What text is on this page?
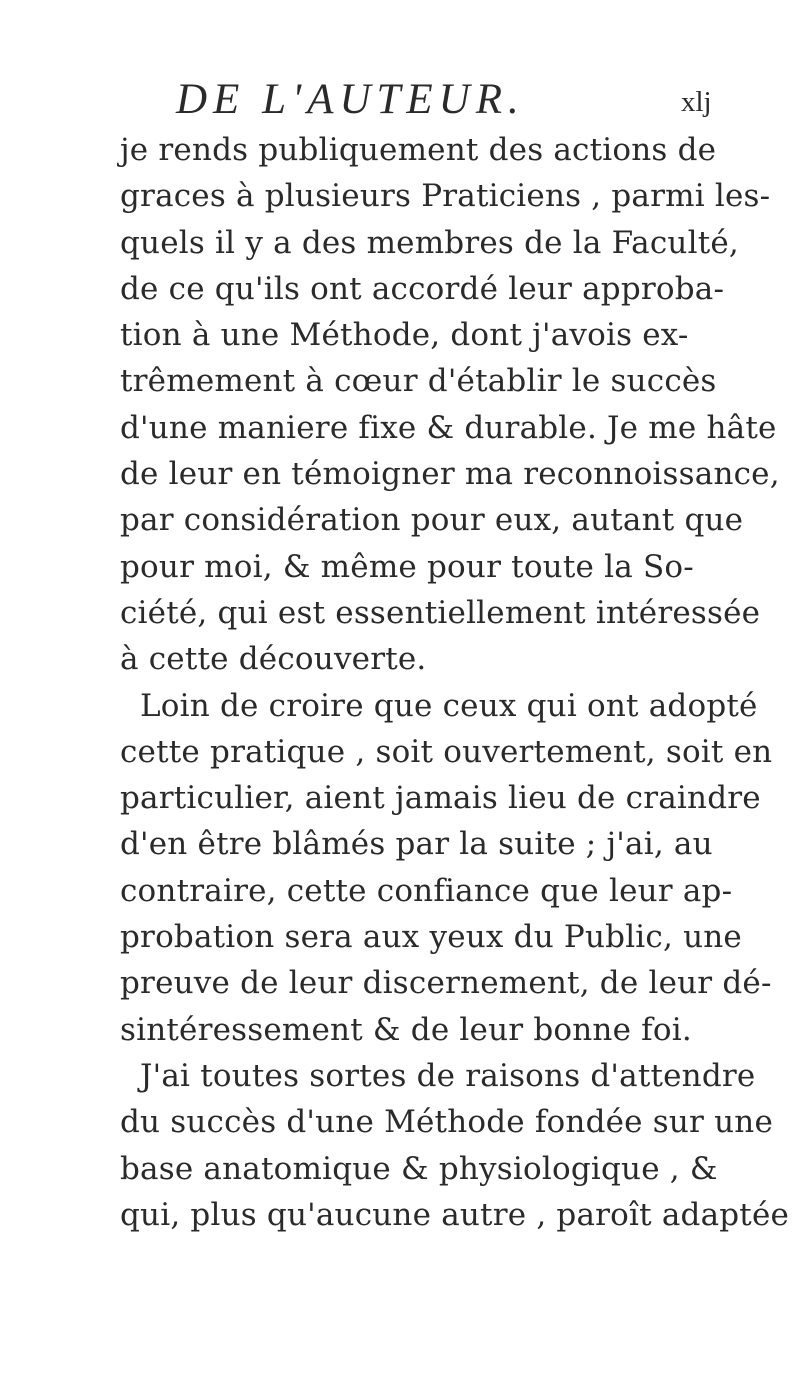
DE L'AUTEUR.	xlj
je rends publiquement des actions de
graces à plusieurs Praticiens , parmi les-
quels il y a des membres de la Faculté,
de ce qu'ils ont accordé leur approba-
tion à une Méthode, dont j'avois ex-
trêmement à cœur d'établir le succès
d'une maniere fixe & durable. Je me hâte
de leur en témoigner ma reconnoissance,
par considération pour eux, autant que
pour moi, & même pour toute la So-
ciété, qui est essentiellement intéressée
à cette découverte.
Loin de croire que ceux qui ont adopté
cette pratique , soit ouvertement, soit en
particulier, aient jamais lieu de craindre
d'en être blâmés par la suite ; j'ai, au
contraire, cette confiance que leur ap-
probation sera aux yeux du Public, une
preuve de leur discernement, de leur dé-
sintéressement & de leur bonne foi.
J'ai toutes sortes de raisons d'attendre
du succès d'une Méthode fondée sur une
base anatomique & physiologique , &
qui, plus qu'aucune autre , paroît adaptée
